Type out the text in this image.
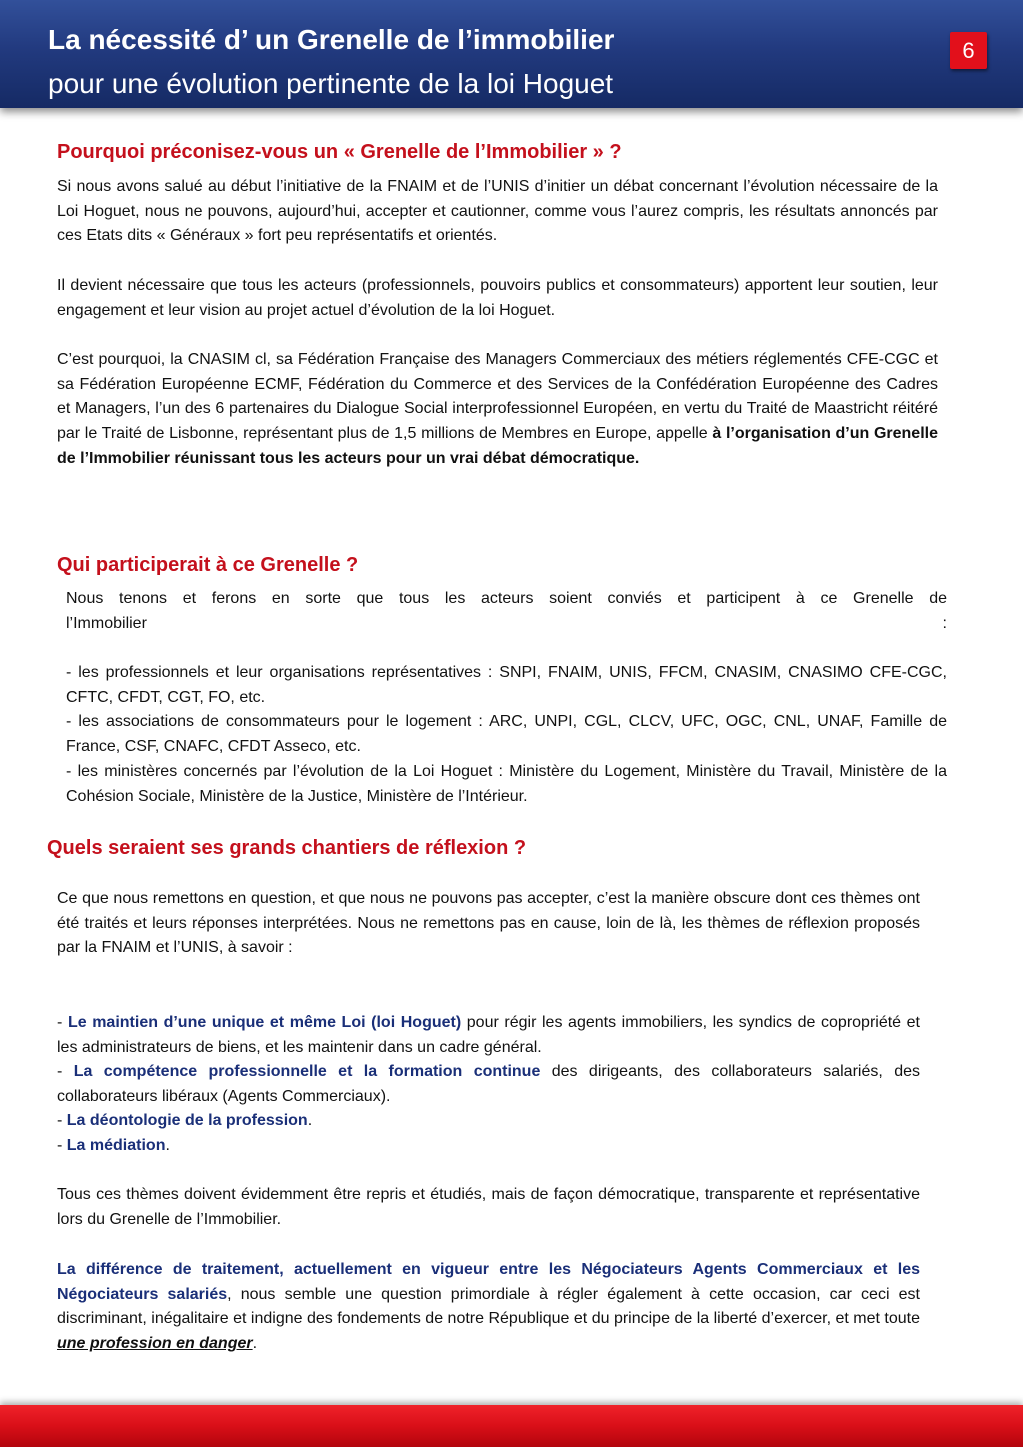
La nécessité d’ un Grenelle de l’immobilier
pour une évolution pertinente de la loi Hoguet
6
Pourquoi préconisez-vous un « Grenelle de l’Immobilier » ?

Si nous avons salué au début l’initiative de la FNAIM et de l’UNIS d’initier un débat concernant l’évolution nécessaire de la Loi Hoguet, nous ne pouvons, aujourd’hui, accepter et cautionner, comme vous l’aurez compris, les résultats annoncés par ces Etats dits « Généraux » fort peu représentatifs et orientés.

Il devient nécessaire que tous les acteurs (professionnels, pouvoirs publics et consommateurs) apportent leur soutien, leur engagement et leur vision au projet actuel d’évolution de la loi Hoguet.

C’est pourquoi, la CNASIM cl, sa Fédération Française des Managers Commerciaux des métiers réglementés CFE-CGC et sa Fédération Européenne ECMF, Fédération du Commerce et des Services de la Confédération Européenne des Cadres et Managers, l’un des 6 partenaires du Dialogue Social interprofessionnel Européen, en vertu du Traité de Maastricht réitéré par le Traité de Lisbonne, représentant plus de 1,5 millions de Membres en Europe, appelle à l’organisation d’un Grenelle de l’Immobilier réunissant tous les acteurs pour un vrai débat démocratique.

Qui participerait à ce Grenelle ?
Nous tenons et ferons en sorte que tous les acteurs soient conviés et participent à ce Grenelle de
l’Immobilier	:

- les professionnels et leur organisations représentatives : SNPI, FNAIM, UNIS, FFCM, CNASIM, CNASIMO CFE-CGC, CFTC, CFDT, CGT, FO, etc.

- les associations de consommateurs pour le logement : ARC, UNPI, CGL, CLCV, UFC, OGC, CNL, UNAF, Famille de France, CSF, CNAFC, CFDT Asseco, etc.

- les ministères concernés par l’évolution de la Loi Hoguet : Ministère du Logement, Ministère du Travail, Ministère de la Cohésion Sociale, Ministère de la Justice, Ministère de l’Intérieur.

Quels seraient ses grands chantiers de réflexion ?

Ce que nous remettons en question, et que nous ne pouvons pas accepter, c’est la manière obscure dont ces thèmes ont été traités et leurs réponses interprétées. Nous ne remettons pas en cause, loin de là, les thèmes de réflexion proposés par la FNAIM et l’UNIS, à savoir :

- Le maintien d’une unique et même Loi (loi Hoguet) pour régir les agents immobiliers, les syndics de copropriété et les administrateurs de biens, et les maintenir dans un cadre général.

- La compétence professionnelle et la formation continue des dirigeants, des collaborateurs salariés, des collaborateurs libéraux (Agents Commerciaux).

- La déontologie de la profession.

- La médiation.

Tous ces thèmes doivent évidemment être repris et étudiés, mais de façon démocratique, transparente et représentative lors du Grenelle de l’Immobilier.

La différence de traitement, actuellement en vigueur entre les Négociateurs Agents Commerciaux et les Négociateurs salariés, nous semble une question primordiale à régler également à cette occasion, car ceci est discriminant, inégalitaire et indigne des fondements de notre République et du principe de la liberté d’exercer, et met toute une profession en danger.
